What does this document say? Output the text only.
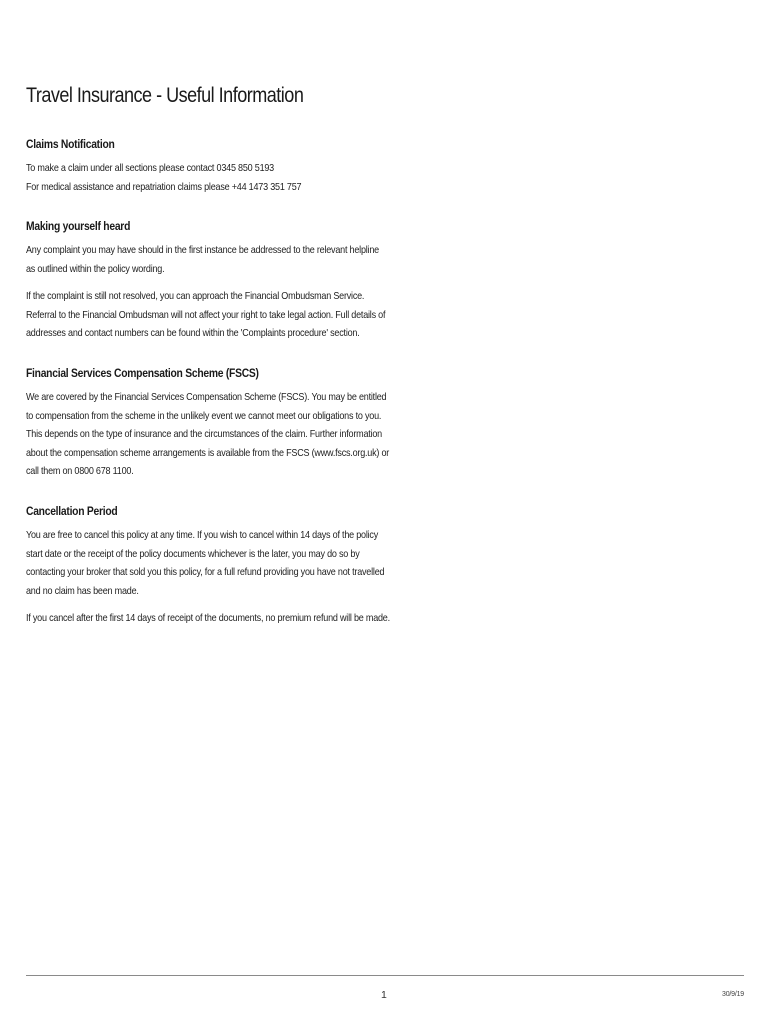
Travel Insurance - Useful Information
Claims Notification

To make a claim under all sections please contact 0345 850 5193
For medical assistance and repatriation claims please +44 1473 351 757

Making yourself heard

Any complaint you may have should in the first instance be addressed to the relevant helpline
as outlined within the policy wording.

If the complaint is still not resolved, you can approach the Financial Ombudsman Service.
Referral to the Financial Ombudsman will not affect your right to take legal action. Full details of
addresses and contact numbers can be found within the 'Complaints procedure' section.

Financial Services Compensation Scheme (FSCS)

We are covered by the Financial Services Compensation Scheme (FSCS). You may be entitled
to compensation from the scheme in the unlikely event we cannot meet our obligations to you.
This depends on the type of insurance and the circumstances of the claim. Further information
about the compensation scheme arrangements is available from the FSCS (www.fscs.org.uk) or
call them on 0800 678 1100.

Cancellation Period

You are free to cancel this policy at any time. If you wish to cancel within 14 days of the policy
start date or the receipt of the policy documents whichever is the later, you may do so by
contacting your broker that sold you this policy, for a full refund providing you have not travelled
and no claim has been made.

If you cancel after the first 14 days of receipt of the documents, no premium refund will be made.

1	30/9/19
